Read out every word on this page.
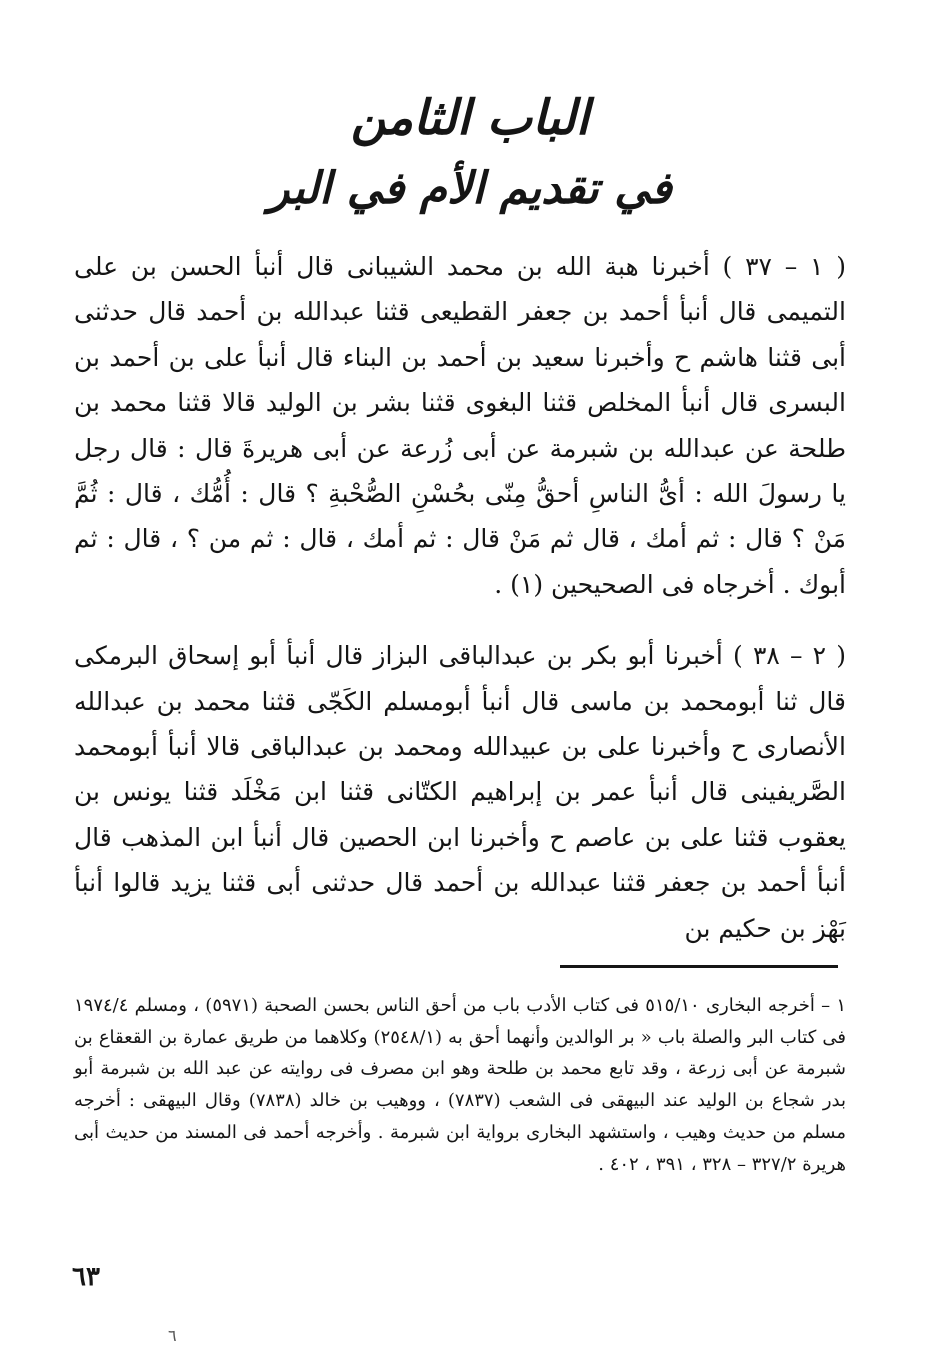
الباب الثامن
في تقديم الأم في البر

( ١ – ٣٧ ) أخبرنا هبة الله بن محمد الشيبانى قال أنبأ الحسن بن على التميمى قال أنبأ أحمد بن جعفر القطيعى قثنا عبدالله بن أحمد قال حدثنى أبى قثنا هاشم ح وأخبرنا سعيد بن أحمد بن البناء قال أنبأ على بن أحمد بن البسرى قال أنبأ المخلص قثنا البغوى قثنا بشر بن الوليد قالا قثنا محمد بن طلحة عن عبدالله بن شبرمة عن أبى زُرعة عن أبى هريرةَ قال : قال رجل يا رسولَ الله : أىُّ الناسِ أحقُّ مِنّى بحُسْنِ الصُّحْبةِ ؟ قال : أُمُّك ، قال : ثُمَّ مَنْ ؟ قال : ثم أمك ، قال ثم مَنْ قال : ثم أمك ، قال : ثم من ؟ ، قال : ثم أبوك . أخرجاه فى الصحيحين (١) .

( ٢ – ٣٨ ) أخبرنا أبو بكر بن عبدالباقى البزاز قال أنبأ أبو إسحاق البرمكى قال ثنا أبومحمد بن ماسى قال أنبأ أبومسلم الكَجّى قثنا محمد بن عبدالله الأنصارى ح وأخبرنا على بن عبيدالله ومحمد بن عبدالباقى قالا أنبأ أبومحمد الصَّريفينى قال أنبأ عمر بن إبراهيم الكتّانى قثنا ابن مَخْلَد قثنا يونس بن يعقوب قثنا على بن عاصم ح وأخبرنا ابن الحصين قال أنبأ ابن المذهب قال أنبأ أحمد بن جعفر قثنا عبدالله بن أحمد قال حدثنى أبى قثنا يزيد قالوا أنبأ بَهْز بن حكيم بن

١ – أخرجه البخارى ٥١٥/١٠ فى كتاب الأدب باب من أحق الناس بحسن الصحبة (٥٩٧١) ، ومسلم ١٩٧٤/٤ فى كتاب البر والصلة باب « بر الوالدين وأنهما أحق به (٢٥٤٨/١) وكلاهما من طريق عمارة بن القعقاع بن شبرمة عن أبى زرعة ، وقد تابع محمد بن طلحة وهو ابن مصرف فى روايته عن عبد الله بن شبرمة أبو بدر شجاع بن الوليد عند البيهقى فى الشعب (٧٨٣٧) ، ووهيب بن خالد (٧٨٣٨) وقال البيهقى : أخرجه مسلم من حديث وهيب ، واستشهد البخارى برواية ابن شبرمة . وأخرجه أحمد فى المسند من حديث أبى هريرة ٣٢٧/٢ – ٣٢٨ ، ٣٩١ ، ٤٠٢ .

٦٣
٦
